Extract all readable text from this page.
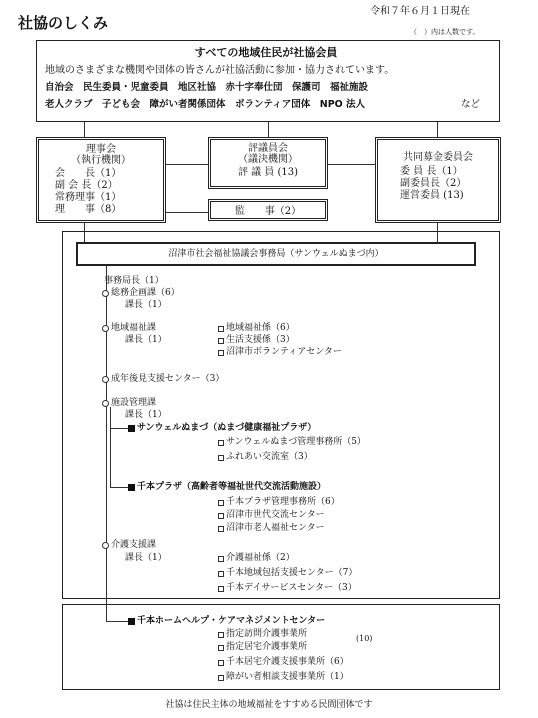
社協のしくみ
令和７年６月１日現在
（　）内は人数です。
すべての地域住民が社協会員
地域のさまざまな機関や団体の皆さんが社協活動に参加・協力されています。
自治会　民生委員・児童委員　地区社協　赤十字奉仕団　保護司　福祉施設
老人クラブ　子ども会　障がい者関係団体　ボランティア団体　NPO 法人	など
理事会
（執行機関）
会　　長（1）
副 会 長（2）
常務理事（1）
理　　事（8）
評議員会
（議決機関）
評 議 員 (13)
共同募金委員会
委 員 長（1）
副委員長（2）
運営委員 (13)
監　　事（2）
沼津市社会福祉協議会事務局（サンウェルぬまづ内）
事務局長（1）
総務企画課（6）
課長（1）
地域福祉課
課長（1）
地域福祉係（6）
生活支援係（3）
沼津市ボランティアセンター
成年後見支援センター（3）
施設管理課
課長（1）
サンウェルぬまづ（ぬまづ健康福祉プラザ）
サンウェルぬまづ管理事務所（5）
ふれあい交流室（3）
千本プラザ（高齢者等福祉世代交流活動施設）
千本プラザ管理事務所（6）
沼津市世代交流センター
沼津市老人福祉センター
介護支援課
課長（1）	介護福祉係（2）
千本地域包括支援センター（7）
千本デイサービスセンター（3）
千本ホームヘルプ・ケアマネジメントセンター
指定訪問介護事業所
指定居宅介護事業所
千本居宅介護支援事業所（6）
障がい者相談支援事業所（1）
(10)
社協は住民主体の地域福祉をすすめる民間団体です
